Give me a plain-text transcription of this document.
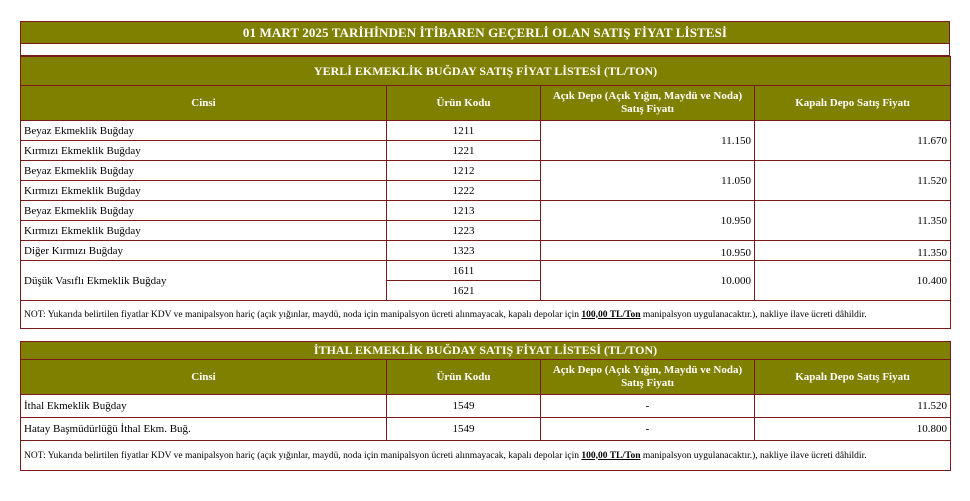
01 MART 2025 TARİHİNDEN İTİBAREN GEÇERLİ OLAN SATIŞ FİYAT LİSTESİ
YERLİ EKMEKLİK BUĞDAY SATIŞ FİYAT LİSTESİ (TL/TON)			
Cinsi	Ürün Kodu	Açık Depo (Açık Yığın, Maydü ve Noda) Satış Fiyatı	Kapalı Depo Satış Fiyatı
Beyaz Ekmeklik Buğday	1211	11.150	11.670
Kırmızı Ekmeklik Buğday	1221		
Beyaz Ekmeklik Buğday	1212	11.050	11.520
Kırmızı Ekmeklik Buğday	1222		
Beyaz Ekmeklik Buğday	1213	10.950	11.350
Kırmızı Ekmeklik Buğday	1223		
Diğer Kırmızı Buğday	1323	10.950	11.350
Düşük Vasıflı Ekmeklik Buğday	1611	10.000	10.400
	1621		
NOT: Yukarıda belirtilen fiyatlar KDV ve manipalsyon hariç (açık yığınlar, maydü, noda için manipalsyon ücreti alınmayacak, kapalı depolar için 100,00 TL/Ton manipalsyon uygulanacaktır.), nakliye ilave ücreti dâhildir.			
İTHAL EKMEKLİK BUĞDAY SATIŞ FİYAT LİSTESİ (TL/TON)			
Cinsi	Ürün Kodu	Açık Depo (Açık Yığın, Maydü ve Noda) Satış Fiyatı	Kapalı Depo Satış Fiyatı
İthal Ekmeklik Buğday	1549	-	11.520
Hatay Başmüdürlüğü İthal Ekm. Buğ.	1549	-	10.800
NOT: Yukarıda belirtilen fiyatlar KDV ve manipalsyon hariç (açık yığınlar, maydü, noda için manipalsyon ücreti alınmayacak, kapalı depolar için 100,00 TL/Ton manipalsyon uygulanacaktır.), nakliye ilave ücreti dâhildir.			
